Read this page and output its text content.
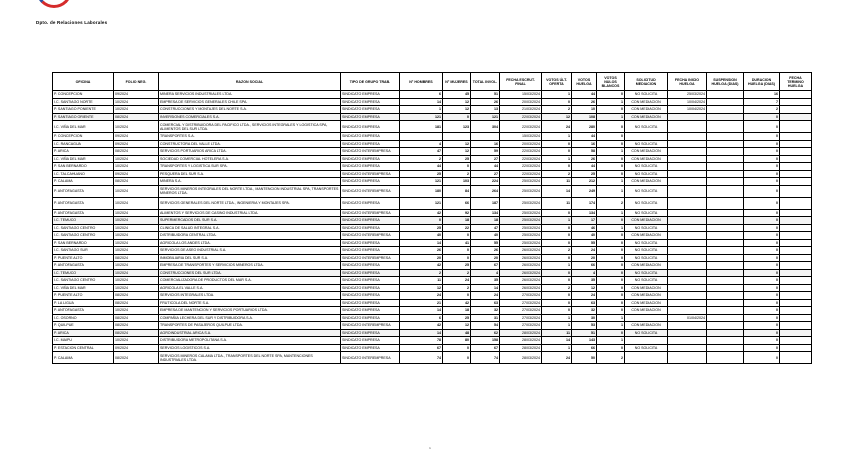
Dpto. de Relaciones Laborales
OFICINA	FOLIO NEG.	RAZON SOCIAL	TIPO DE GRUPO TRAB.	N° HOMBRES	N° MUJERES	TOTAL INVOL.	FECHA ESCRUT. FINAL	VOTOS ÚLT. OFERTA	VOTOS HUELGA	VOTOS NULOS BLANCOS	SOLICITUD MEDIACION	FECHA INICIO HUELGA	SUSPENSION HUELGA (DIAS)	DURACION HUELGA (DIAS)	FECHA TERMINO HUELGA
P. CONCEPCION	09/2024	MINERA SERVICIOS INDUSTRIALES LTDA.	SINDICATO EMPRESA	6	45	51	15/03/2024	1	44	0	NO SOLICITA	25/03/2024		16	
I.C. SANTIAGO NORTE	10/2024	EMPRESA DE SERVICIOS GENERALES CHILE SPA.	SINDICATO EMPRESA	14	12	26	20/03/2024	0	26	1	CON MEDIACION	10/04/2024		7	
P. SANTIAGO PONIENTE	10/2024	CONSTRUCCIONES Y MONTAJES DEL NORTE S.A.	SINDICATO EMPRESA	1	12	13	21/03/2024	2	10	0	CON MEDIACION	10/04/2024		2	
P. SANTIAGO ORIENTE	08/2024	INVERSIONES COMERCIALES S.A.	SINDICATO EMPRESA	121	0	121	22/03/2024	12	108	1	CON MEDIACION			0	
I.C. VIÑA DEL MAR	10/2024	COMERCIAL Y DISTRIBUIDORA DEL PACIFICO LTDA., SERVICIOS INTEGRALES Y LOGISTICA SPA, ALIMENTOS DEL SUR LTDA.	SINDICATO EMPRESA	181	123	304	22/03/2024	24	280	0	NO SOLICITA			0	
P. CONCEPCION	09/2024	TRANSPORTES S.A.	SINDICATO EMPRESA				15/03/2024	1	44	0				0	
I.C. RANCAGUA	09/2024	CONSTRUCTORA DEL VALLE LTDA.	SINDICATO EMPRESA	4	12	16	20/03/2024	0	16	0	NO SOLICITA			0	
P. ARICA	08/2024	SERVICIOS PORTUARIOS ARICA LTDA.	SINDICATO INTEREMPRESA	47	12	59	22/03/2024	0	58	1	CON MEDIACION			0	
I.C. VIÑA DEL MAR	10/2024	SOCIEDAD COMERCIAL HOTELERA S.A.	SINDICATO EMPRESA	2	25	27	22/03/2024	1	26	0	CON MEDIACION			0	
P. SAN BERNARDO	10/2024	TRANSPORTES Y LOGISTICA SUR SPA.	SINDICATO EMPRESA	44	0	44	22/03/2024	0	44	0	NO SOLICITA			0	
I.C. TALCAHUANO	09/2024	PESQUERA DEL SUR S.A.	SINDICATO INTEREMPRESA	25	2	27	22/03/2024	2	25	0	NO SOLICITA			0	
P. CALAMA	08/2024	MINERA S.A.	SINDICATO EMPRESA	121	103	224	25/03/2024	11	212	1	CON MEDIACION			0	
P. ANTOFAGASTA	10/2024	SERVICIOS MINEROS INTEGRALES DEL NORTE LTDA., MANTENCION INDUSTRIAL SPA, TRANSPORTES MINEROS LTDA.	SINDICATO INTEREMPRESA	180	84	264	25/03/2024	14	249	1	NO SOLICITA			0	
P. ANTOFAGASTA	10/2024	SERVICIOS GENERALES DEL NORTE LTDA., INGENIERIA Y MONTAJES SPA.	SINDICATO EMPRESA	121	66	187	25/03/2024	11	174	2	NO SOLICITA			0	
P. ANTOFAGASTA	10/2024	ALIMENTOS Y SERVICIOS DE CASINO INDUSTRIAL LTDA.	SINDICATO INTEREMPRESA	42	92	134	25/03/2024	0	134	1	NO SOLICITA			0	
I.C. TEMUCO	10/2024	SUPERMERCADOS DEL SUR S.A.	SINDICATO EMPRESA	0	18	18	25/03/2024	1	17	0	CON MEDIACION			0	
I.C. SANTIAGO CENTRO	10/2024	CLINICA DE SALUD INTEGRAL S.A.	SINDICATO EMPRESA	25	22	47	25/03/2024	0	46	1	NO SOLICITA			0	
I.C. SANTIAGO CENTRO	10/2024	DISTRIBUIDORA CENTRAL LTDA.	SINDICATO INTEREMPRESA	40	0	40	25/03/2024	0	40	0	CON MEDIACION			0	
P. SAN BERNARDO	10/2024	AGRICOLA LOS ANDES LTDA.	SINDICATO EMPRESA	14	41	55	25/03/2024	0	55	0	NO SOLICITA			0	
I.C. SANTIAGO SUR	10/2024	SERVICIOS DE ASEO INDUSTRIAL S.A.	SINDICATO EMPRESA	26	0	26	26/03/2024	2	24	0	NO SOLICITA			0	
P. PUENTE ALTO	08/2024	INMOBILIARIA DEL SUR S.A.	SINDICATO INTEREMPRESA	20	0	20	26/03/2024	0	20	0	NO SOLICITA			0	
P. ANTOFAGASTA	10/2024	EMPRESA DE TRANSPORTES Y SERVICIOS MINEROS LTDA.	SINDICATO EMPRESA	42	25	67	26/03/2024	1	66	0	CON MEDIACION			0	
I.C. TEMUCO	10/2024	CONSTRUCCIONES DEL SUR LTDA.	SINDICATO EMPRESA	2	2	4	26/03/2024	0	4	0	NO SOLICITA			0	
I.C. SANTIAGO CENTRO	10/2024	COMERCIALIZADORA DE PRODUCTOS DEL MAR S.A.	SINDICATO EMPRESA	11	24	35	26/03/2024	0	35	0	NO SOLICITA			0	
I.C. VIÑA DEL MAR	10/2024	AGRICOLA EL VALLE S.A.	SINDICATO EMPRESA	12	2	14	26/03/2024	2	12	0	CON MEDIACION			0	
P. PUENTE ALTO	08/2024	SERVICIOS INTEGRALES LTDA.	SINDICATO EMPRESA	24	0	24	27/03/2024	0	24	0	CON MEDIACION			0	
P. LA LIGUA	08/2024	FRUTICOLA DEL NORTE S.A.	SINDICATO EMPRESA	21	42	63	27/03/2024	0	63	0	CON MEDIACION			0	
P. ANTOFAGASTA	10/2024	EMPRESA DE MANTENCION Y SERVICIOS PORTUARIOS LTDA.	SINDICATO EMPRESA	14	18	32	27/03/2024	0	32	0	CON MEDIACION			0	
I.C. OSORNO	08/2024	COMPAÑIA LECHERA DEL SUR Y DISTRIBUIDORA S.A.	SINDICATO EMPRESA	6	25	31	27/03/2024	1	30	1		01/04/2024		0	
P. QUILPUE	08/2024	TRANSPORTES DE PASAJEROS QUILPUE LTDA.	SINDICATO INTEREMPRESA	42	12	54	27/03/2024	1	53	1	CON MEDIACION			0	
P. ARICA	08/2024	AGROINDUSTRIAL ARICA S.A.	SINDICATO EMPRESA	14	48	62	28/03/2024	11	51	0	NO SOLICITA			0	
I.C. MAIPU	10/2024	DISTRIBUIDORA METROPOLITANA S.A.	SINDICATO EMPRESA	78	80	158	28/03/2024	14	143	1				0	
P. ESTACION CENTRAL	09/2024	SERVICIOS LOGISTICOS S.A.	SINDICATO EMPRESA	67	0	67	28/03/2024	1	66	0	NO SOLICITA			0	
P. CALAMA	08/2024	SERVICIOS MINEROS CALAMA LTDA., TRANSPORTES DEL NORTE SPA, MANTENCIONES INDUSTRIALES LTDA.	SINDICATO INTEREMPRESA	74	0	74	28/03/2024	24	50	2				0	
1
